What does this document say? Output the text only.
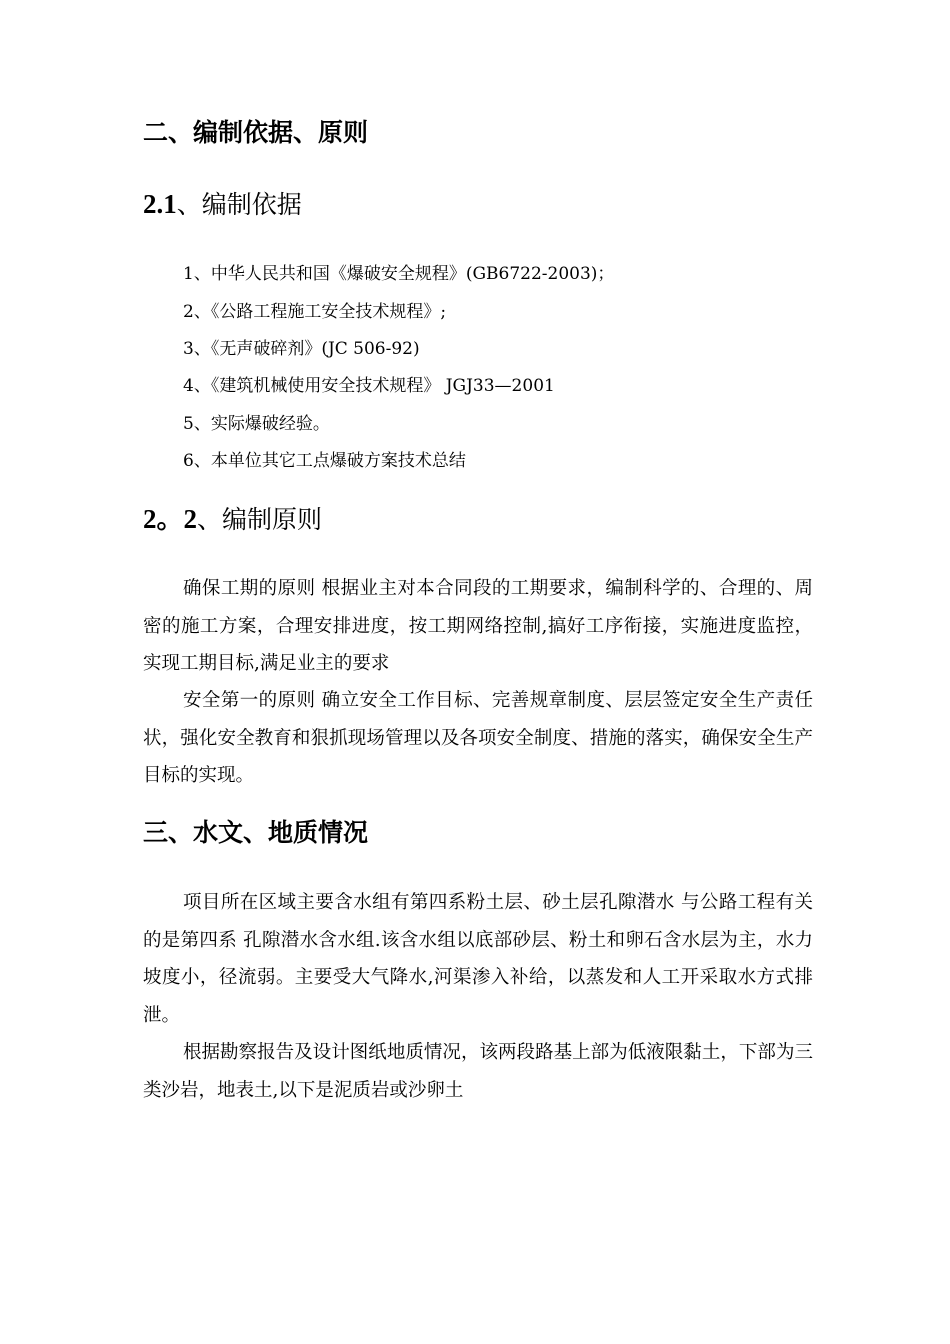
二、编制依据、原则
2.1、编制依据
1、中华人民共和国《爆破安全规程》(GB6722-2003)；
2、《公路工程施工安全技术规程》;
3、《无声破碎剂》(JC 506-92)
4、《建筑机械使用安全技术规程》 JGJ33—2001
5、实际爆破经验。
6、本单位其它工点爆破方案技术总结
2。2、编制原则
确保工期的原则 根据业主对本合同段的工期要求，编制科学的、合理的、周密的施工方案，合理安排进度，按工期网络控制,搞好工序衔接，实施进度监控，实现工期目标,满足业主的要求
安全第一的原则 确立安全工作目标、完善规章制度、层层签定安全生产责任状，强化安全教育和狠抓现场管理以及各项安全制度、措施的落实，确保安全生产目标的实现。
三、水文、地质情况
项目所在区域主要含水组有第四系粉土层、砂土层孔隙潜水 与公路工程有关的是第四系 孔隙潜水含水组.该含水组以底部砂层、粉土和卵石含水层为主，水力坡度小，径流弱。主要受大气降水,河渠渗入补给，以蒸发和人工开采取水方式排泄。
根据勘察报告及设计图纸地质情况，该两段路基上部为低液限黏土，下部为三类沙岩，地表土,以下是泥质岩或沙卵土
